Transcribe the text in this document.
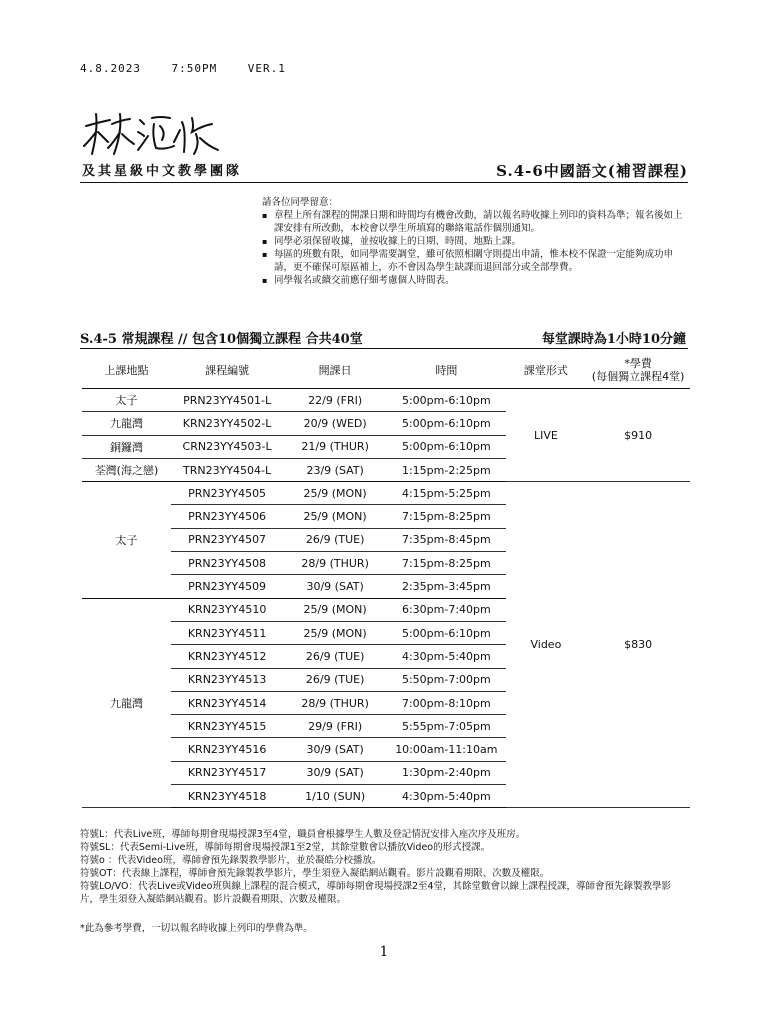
4.8.2023	7:50PM	VER.1
及其星級中文教學團隊	S.4-6中國語文(補習課程)
請各位同學留意：
▪ 章程上所有課程的開課日期和時間均有機會改動，請以報名時收據上列印的資料為準；報名後如上課安排有所改動，本校會以學生所填寫的聯絡電話作個別通知。
▪ 同學必須保留收據，並按收據上的日期、時間、地點上課。
▪ 每區的班數有限，如同學需要調堂，雖可依照相關守則提出申請，惟本校不保證一定能夠成功申請，更不確保可原區補上，亦不會因為學生缺課而退回部分或全部學費。
▪ 同學報名或續交前應仔細考慮個人時間表。
S.4-5 常規課程 // 包含10個獨立課程 合共40堂	每堂課時為1小時10分鐘
上課地點	課程編號	開課日	時間	課堂形式	*學費
(每個獨立課程4堂)
太子	PRN23YY4501-L	22/9 (FRI)	5:00pm-6:10pm	LIVE	$910
九龍灣	KRN23YY4502-L	20/9 (WED)	5:00pm-6:10pm		
銅鑼灣	CRN23YY4503-L	21/9 (THUR)	5:00pm-6:10pm		
荃灣(海之戀)	TRN23YY4504-L	23/9 (SAT)	1:15pm-2:25pm		
太子	PRN23YY4505	25/9 (MON)	4:15pm-5:25pm	Video	$830
	PRN23YY4506	25/9 (MON)	7:15pm-8:25pm		
	PRN23YY4507	26/9 (TUE)	7:35pm-8:45pm		
	PRN23YY4508	28/9 (THUR)	7:15pm-8:25pm		
	PRN23YY4509	30/9 (SAT)	2:35pm-3:45pm		
九龍灣	KRN23YY4510	25/9 (MON)	6:30pm-7:40pm		
	KRN23YY4511	25/9 (MON)	5:00pm-6:10pm		
	KRN23YY4512	26/9 (TUE)	4:30pm-5:40pm		
	KRN23YY4513	26/9 (TUE)	5:50pm-7:00pm		
	KRN23YY4514	28/9 (THUR)	7:00pm-8:10pm		
	KRN23YY4515	29/9 (FRI)	5:55pm-7:05pm		
	KRN23YY4516	30/9 (SAT)	10:00am-11:10am		
	KRN23YY4517	30/9 (SAT)	1:30pm-2:40pm		
	KRN23YY4518	1/10 (SUN)	4:30pm-5:40pm		

符號L：代表Live班，導師每期會現場授課3至4堂，職員會根據學生人數及登記情況安排入座次序及班房。

符號SL：代表Semi-Live班，導師每期會現場授課1至2堂，其餘堂數會以播放Video的形式授課。

符號o ：代表Video班，導師會預先錄製教學影片，並於凝皓分校播放。

符號OT：代表線上課程，導師會預先錄製教學影片，學生須登入凝皓網站觀看。影片設觀看期限、次數及權限。

符號LO/VO：代表Live或Video班與線上課程的混合模式，導師每期會現場授課2至4堂，其餘堂數會以線上課程授課，導師會預先錄製教學影片，學生須登入凝皓網站觀看。影片設觀看期限、次數及權限。

*此為參考學費，一切以報名時收據上列印的學費為準。
1
